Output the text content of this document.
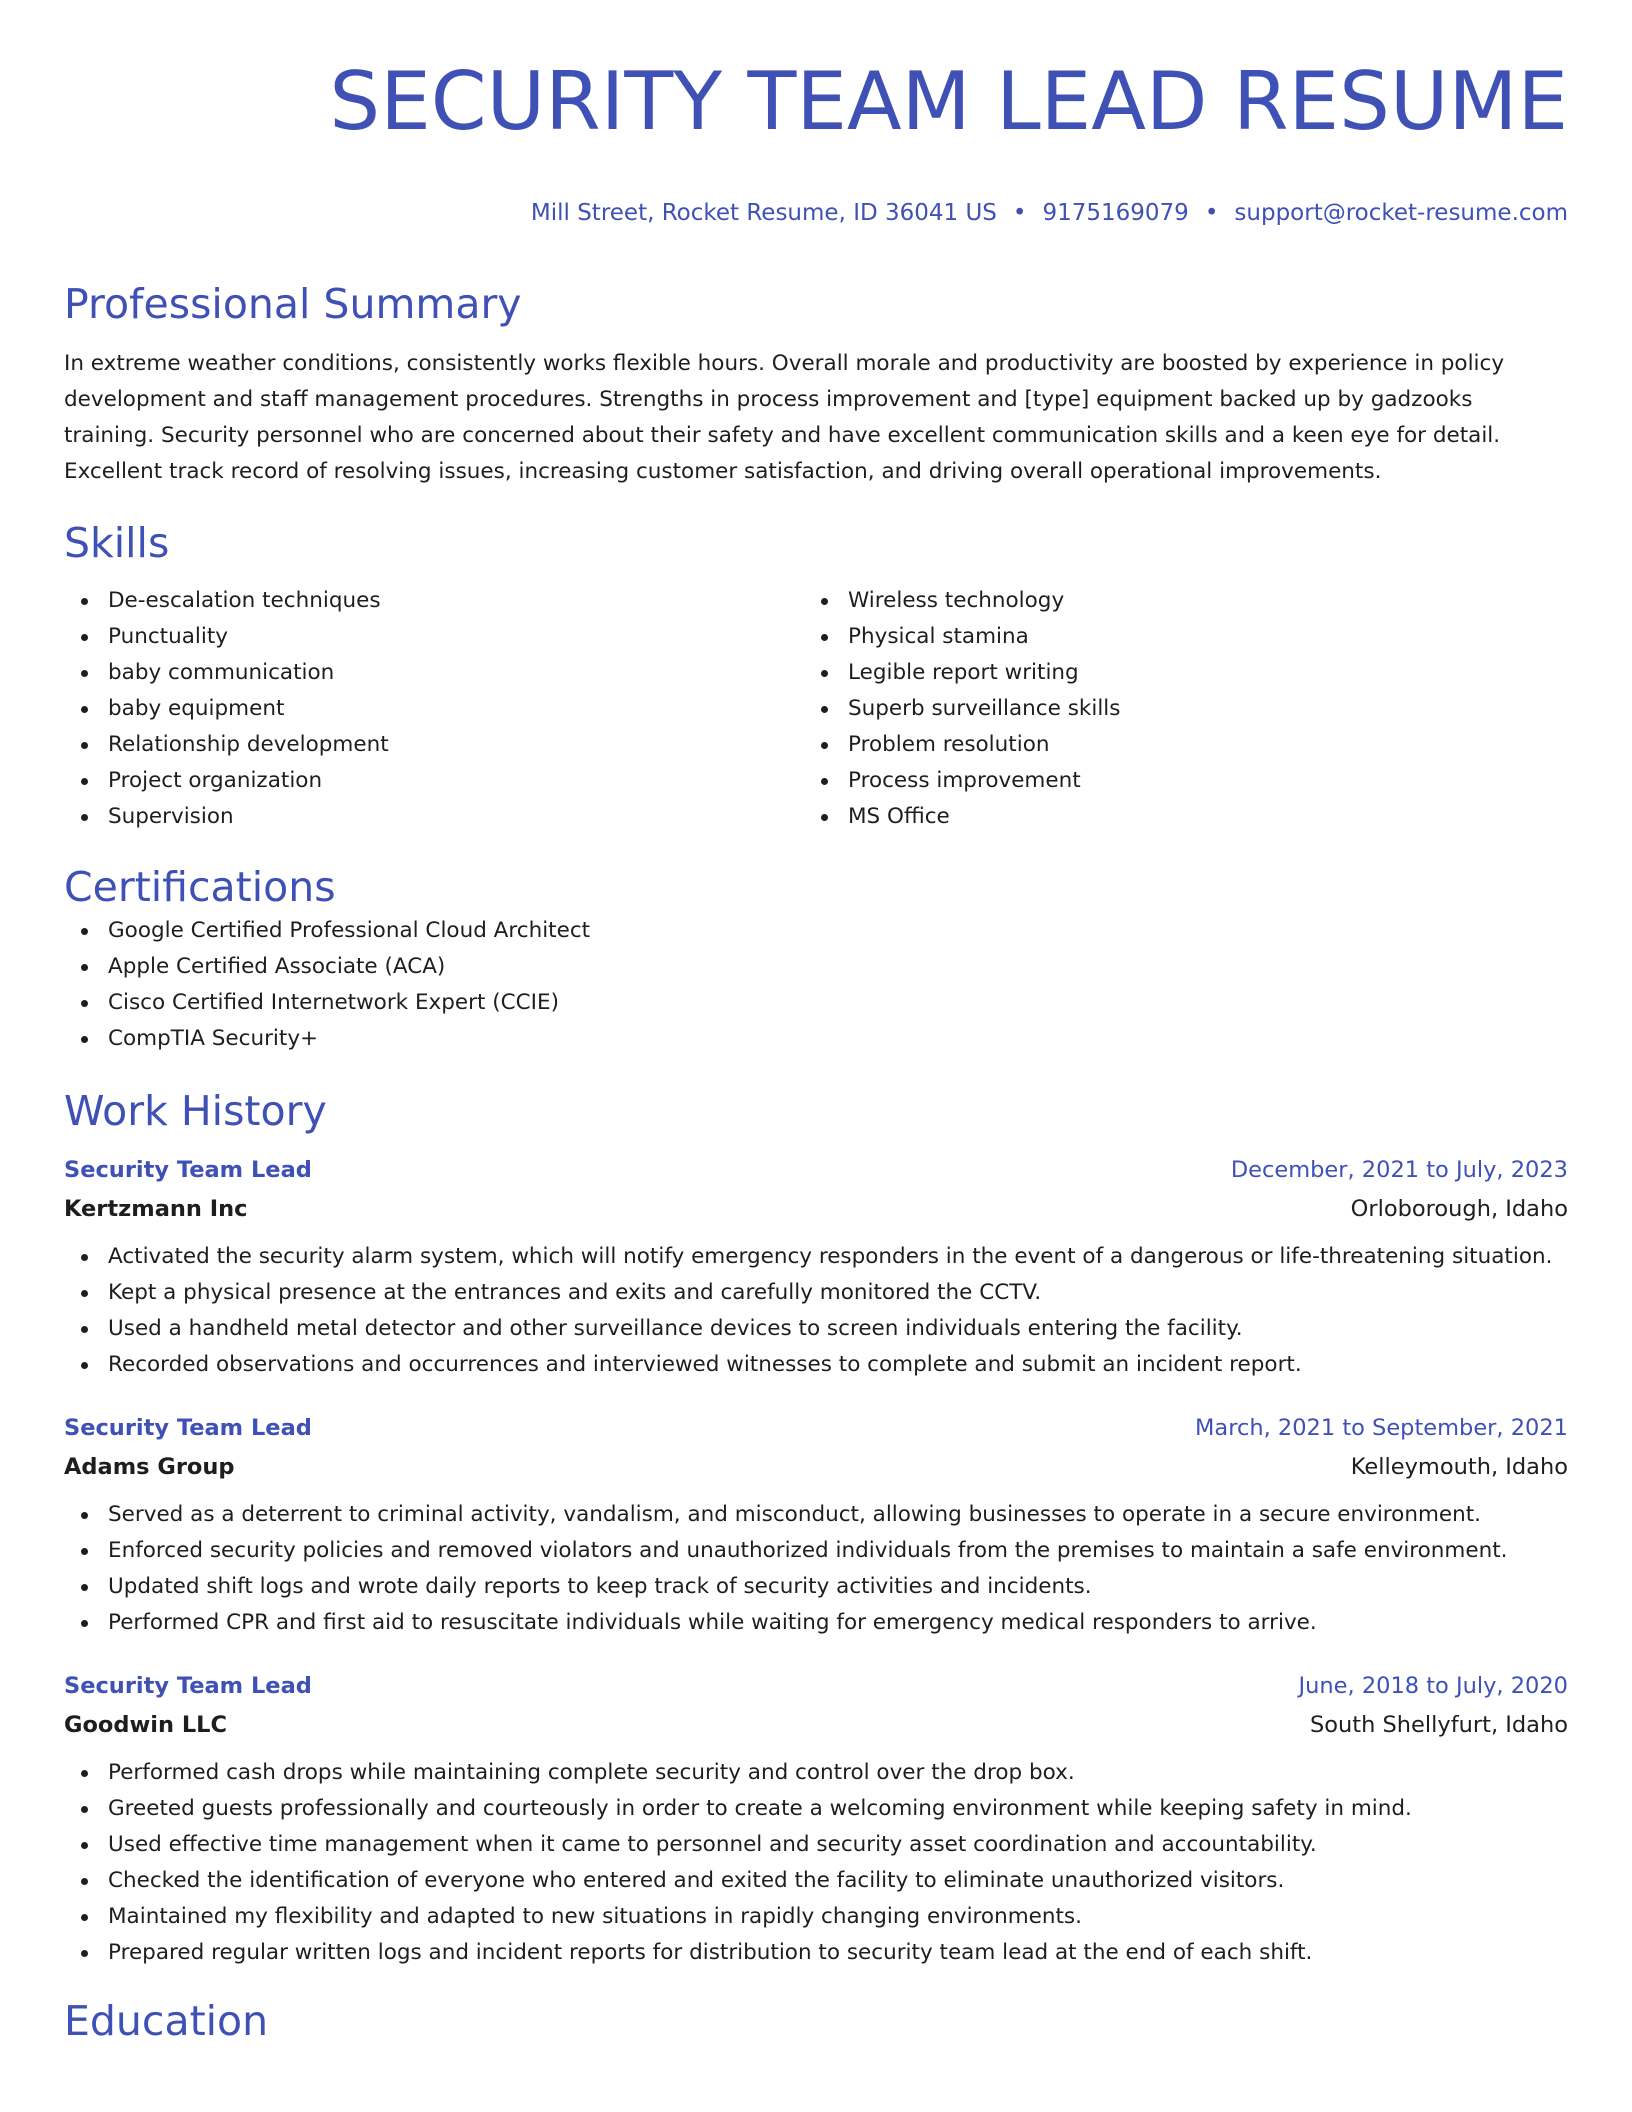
SECURITY TEAM LEAD RESUME
Mill Street, Rocket Resume, ID 36041 US • 9175169079 • support@rocket-resume.com
Professional Summary
In extreme weather conditions, consistently works flexible hours. Overall morale and productivity are boosted by experience in policy development and staff management procedures. Strengths in process improvement and [type] equipment backed up by gadzooks training. Security personnel who are concerned about their safety and have excellent communication skills and a keen eye for detail. Excellent track record of resolving issues, increasing customer satisfaction, and driving overall operational improvements.
Skills
De-escalation techniques
Punctuality
baby communication
baby equipment
Relationship development
Project organization
Supervision
Wireless technology
Physical stamina
Legible report writing
Superb surveillance skills
Problem resolution
Process improvement
MS Office
Certifications
Google Certified Professional Cloud Architect
Apple Certified Associate (ACA)
Cisco Certified Internetwork Expert (CCIE)
CompTIA Security+
Work History
Security Team Lead	December, 2021 to July, 2023
Kertzmann Inc	Orloborough, Idaho
Activated the security alarm system, which will notify emergency responders in the event of a dangerous or life-threatening situation.
Kept a physical presence at the entrances and exits and carefully monitored the CCTV.
Used a handheld metal detector and other surveillance devices to screen individuals entering the facility.
Recorded observations and occurrences and interviewed witnesses to complete and submit an incident report.
Security Team Lead	March, 2021 to September, 2021
Adams Group	Kelleymouth, Idaho
Served as a deterrent to criminal activity, vandalism, and misconduct, allowing businesses to operate in a secure environment.
Enforced security policies and removed violators and unauthorized individuals from the premises to maintain a safe environment.
Updated shift logs and wrote daily reports to keep track of security activities and incidents.
Performed CPR and first aid to resuscitate individuals while waiting for emergency medical responders to arrive.
Security Team Lead	June, 2018 to July, 2020
Goodwin LLC	South Shellyfurt, Idaho
Performed cash drops while maintaining complete security and control over the drop box.
Greeted guests professionally and courteously in order to create a welcoming environment while keeping safety in mind.
Used effective time management when it came to personnel and security asset coordination and accountability.
Checked the identification of everyone who entered and exited the facility to eliminate unauthorized visitors.
Maintained my flexibility and adapted to new situations in rapidly changing environments.
Prepared regular written logs and incident reports for distribution to security team lead at the end of each shift.
Education
